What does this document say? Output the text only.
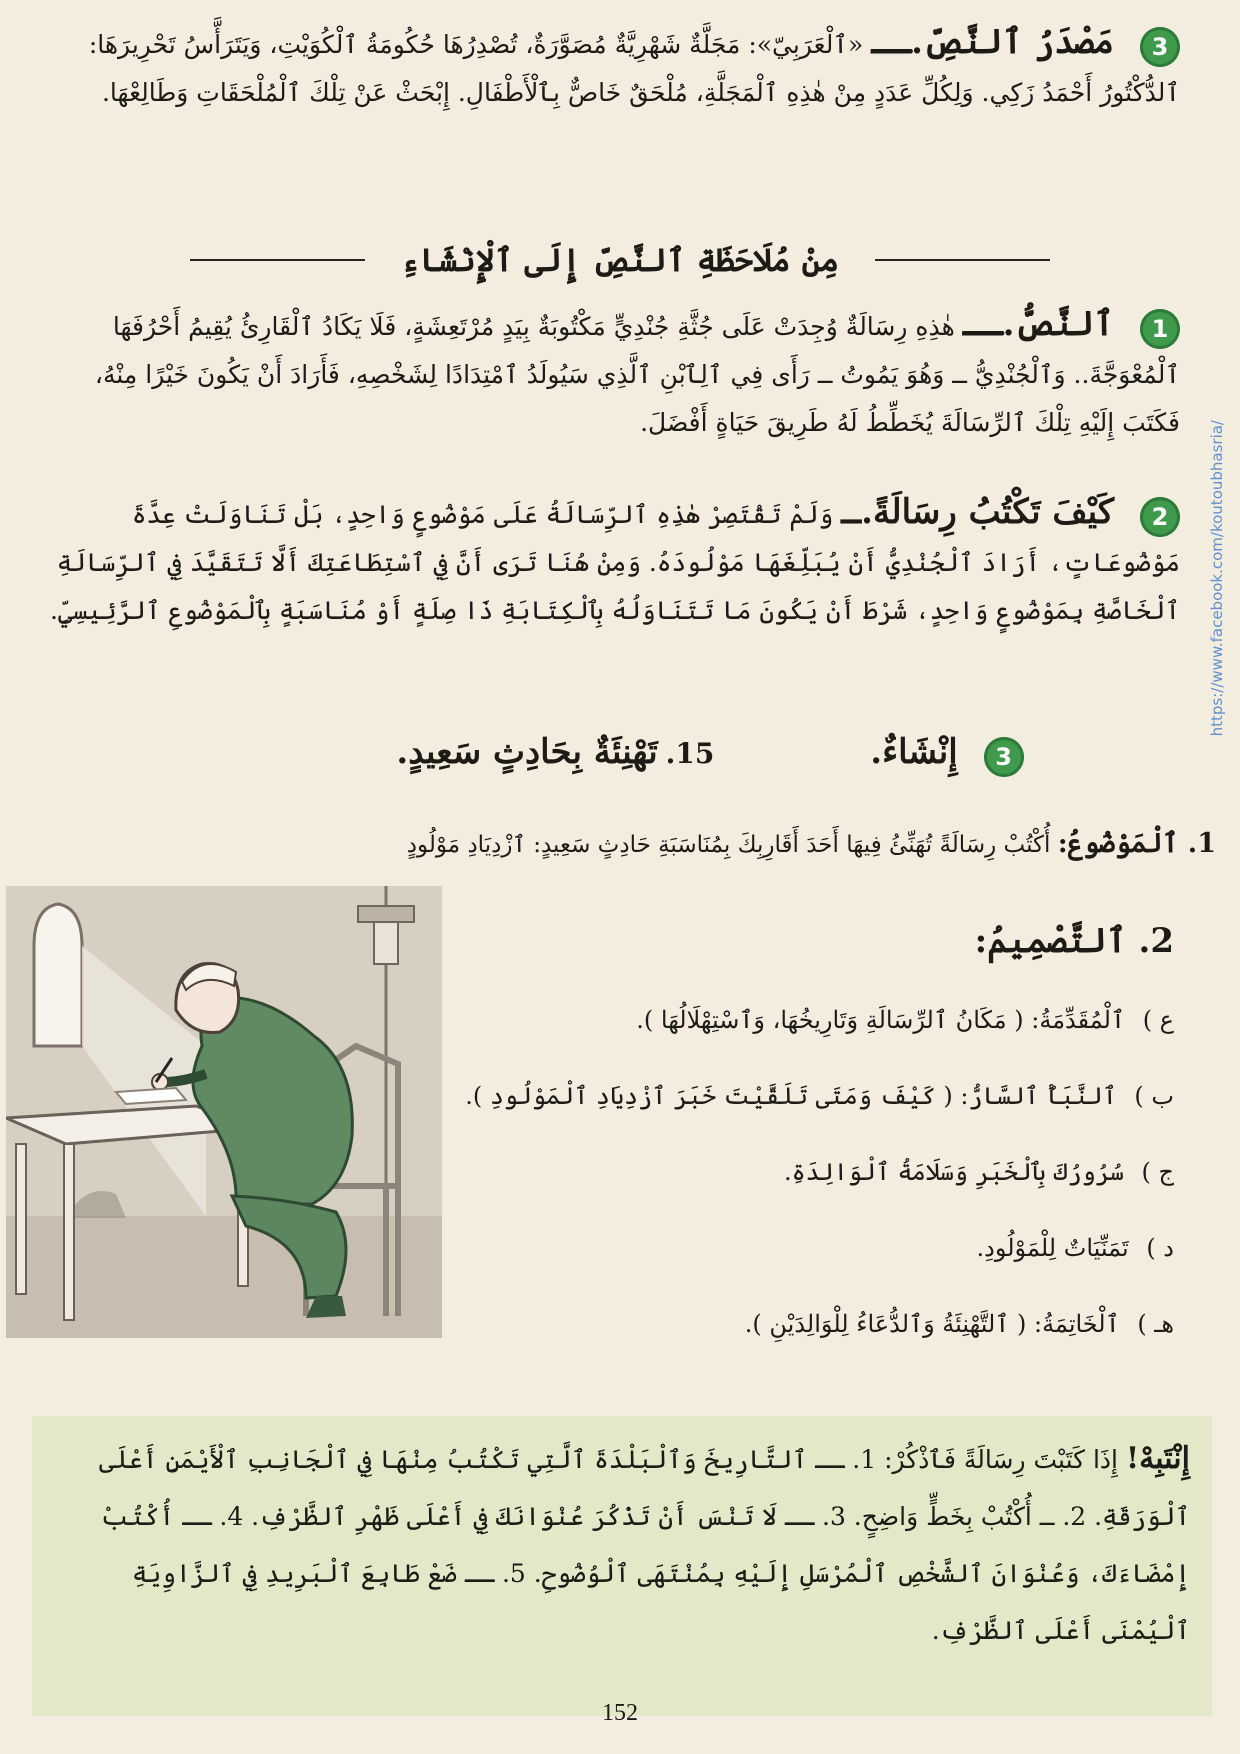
3 مَصْدَرُ ٱلنَّصِّ.ــ «ٱلْعَرَبِيّ»: مَجَلَّةٌ شَهْرِيَّةٌ مُصَوَّرَةٌ، تُصْدِرُهَا حُكُومَةُ ٱلْكُوَيْتِ، وَيَتَرَأَّسُ تَحْرِيرَهَا: ٱلدُّكْتُورُ أَحْمَدُ زَكِي. وَلِكُلِّ عَدَدٍ مِنْ هٰذِهِ ٱلْمَجَلَّةِ، مُلْحَقٌ خَاصٌّ بِٱلْأَطْفَالِ. إِبْحَثْ عَنْ تِلْكَ ٱلْمُلْحَقَاتِ وَطَالِعْهَا.

مِنْ مُلَاحَظَةِ ٱلنَّصِّ إِلَى ٱلْإِنْشَاءِ

1 ٱلنَّصُّ.ــ هٰذِهِ رِسَالَةٌ وُجِدَتْ عَلَى جُثَّةِ جُنْدِيٍّ مَكْتُوبَةٌ بِيَدٍ مُرْتَعِشَةٍ، فَلَا يَكَادُ ٱلْقَارِئُ يُقِيمُ أَحْرُفَهَا ٱلْمُعْوَجَّةَ.. وَٱلْجُنْدِيُّ ــ وَهُوَ يَمُوتُ ــ رَأَى فِي ٱلِٱبْنِ ٱلَّذِي سَيُولَدُ ٱمْتِدَادًا لِشَخْصِهِ، فَأَرَادَ أَنْ يَكُونَ خَيْرًا مِنْهُ، فَكَتَبَ إِلَيْهِ تِلْكَ ٱلرِّسَالَةَ يُخَطِّطُ لَهُ طَرِيقَ حَيَاةٍ أَفْضَلَ.

2 كَيْفَ تَكْتُبُ رِسَالَةً.ــ وَلَمْ تَقْتَصِرْ هٰذِهِ ٱلرِّسَالَةُ عَلَى مَوْضُوعٍ وَاحِدٍ، بَلْ تَنَاوَلَتْ عِدَّةَ مَوْضُوعَاتٍ، أَرَادَ ٱلْجُنْدِيُّ أَنْ يُبَلِّغَهَا مَوْلُودَهُ. وَمِنْ هُنَا تَرَى أَنَّ فِي ٱسْتِطَاعَتِكَ أَلَّا تَتَقَيَّدَ فِي ٱلرِّسَالَةِ ٱلْخَاصَّةِ بِمَوْضُوعٍ وَاحِدٍ، شَرْطَ أَنْ يَكُونَ مَا تَتَنَاوَلُهُ بِٱلْكِتَابَةِ ذَا صِلَةٍ أَوْ مُنَاسَبَةٍ بِٱلْمَوْضُوعِ ٱلرَّئِيسِيِّ.

3 إِنْشَاءٌ.  15. تَهْنِئَةٌ بِحَادِثٍ سَعِيدٍ.
1. ٱلْمَوْضُوعُ: أُكْتُبْ رِسَالَةً تُهَنِّئُ فِيهَا أَحَدَ أَقَارِبِكَ بِمُنَاسَبَةِ حَادِثٍ سَعِيدٍ: ٱزْدِيَادِ مَوْلُودٍ
2. ٱلتَّصْمِيمُ:
ع ) ٱلْمُقَدِّمَةُ: ( مَكَانُ ٱلرِّسَالَةِ وَتَارِيخُهَا، وَٱسْتِهْلَالُهَا ).
ب ) ٱلنَّبَأُ ٱلسَّارُّ: ( كَيْفَ وَمَتَى تَلَقَّيْتَ خَبَرَ ٱزْدِيَادِ ٱلْمَوْلُودِ ).
ج ) سُرُورُكَ بِٱلْخَبَرِ وَسَلَامَةُ ٱلْوَالِدَةِ.
د ) تَمَنِّيَاتٌ لِلْمَوْلُودِ.
هـ ) ٱلْخَاتِمَةُ: ( ٱلتَّهْنِئَةُ وَٱلدُّعَاءُ لِلْوَالِدَيْنِ ).
إِنْتَبِهْ! إِذَا كَتَبْتَ رِسَالَةً فَٱذْكُرْ: 1. ــ ٱلتَّارِيخَ وَٱلْبَلْدَةَ ٱلَّتِي تَكْتُبُ مِنْهَا فِي ٱلْجَانِبِ ٱلْأَيْمَنِ أَعْلَى ٱلْوَرَقَةِ. 2. ــ أُكْتُبْ بِخَطٍّ وَاضِحٍ. 3. ــ لَا تَنْسَ أَنْ تَذْكُرَ عُنْوَانَكَ فِي أَعْلَى ظَهْرِ ٱلظَّرْفِ. 4. ــ أُكْتُبْ إِمْضَاءَكَ، وَعُنْوَانَ ٱلشَّخْصِ ٱلْمُرْسَلِ إِلَيْهِ بِمُنْتَهَى ٱلْوُضُوحِ. 5. ــ ضَعْ طَابِعَ ٱلْبَرِيدِ فِي ٱلزَّاوِيَةِ ٱلْيُمْنَى أَعْلَى ٱلظَّرْفِ.
152
https://www.facebook.com/koutoubhasria/
